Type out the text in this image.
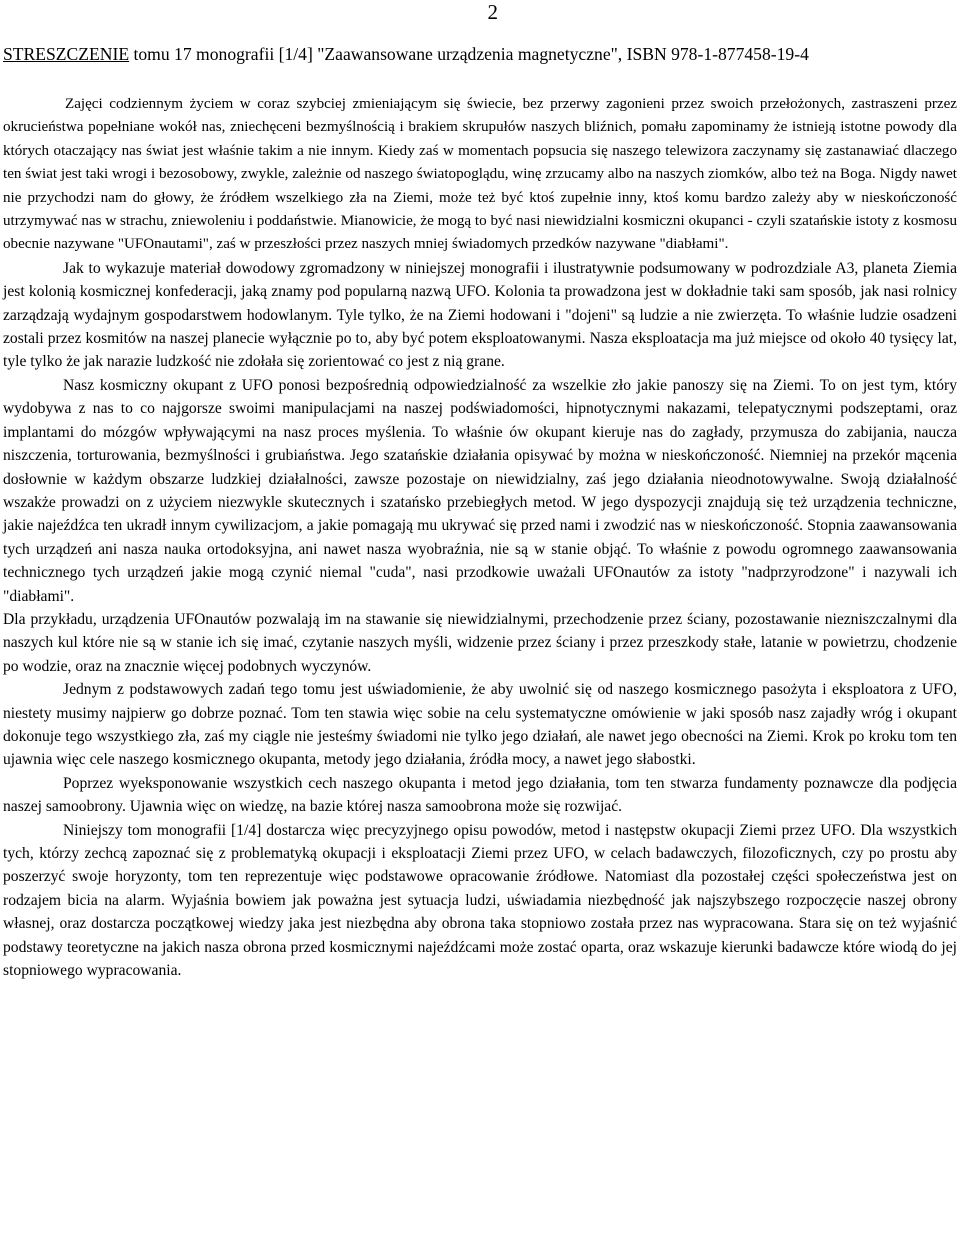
2
STRESZCZENIE tomu 17 monografii [1/4] "Zaawansowane urządzenia magnetyczne", ISBN 978-1-877458-19-4

Zajęci codziennym życiem w coraz szybciej zmieniającym się świecie, bez przerwy zagonieni przez swoich przełożonych, zastraszeni przez okrucieństwa popełniane wokół nas, zniechęceni bezmyślnością i brakiem skrupułów naszych bliźnich, pomału zapominamy że istnieją istotne powody dla których otaczający nas świat jest właśnie takim a nie innym. Kiedy zaś w momentach popsucia się naszego telewizora zaczynamy się zastanawiać dlaczego ten świat jest taki wrogi i bezosobowy, zwykle, zależnie od naszego światopoglądu, winę zrzucamy albo na naszych ziomków, albo też na Boga. Nigdy nawet nie przychodzi nam do głowy, że źródłem wszelkiego zła na Ziemi, może też być ktoś zupełnie inny, ktoś komu bardzo zależy aby w nieskończoność utrzymywać nas w strachu, zniewoleniu i poddaństwie. Mianowicie, że mogą to być nasi niewidzialni kosmiczni okupanci - czyli szatańskie istoty z kosmosu obecnie nazywane "UFOnautami", zaś w przeszłości przez naszych mniej świadomych przedków nazywane "diabłami".

Jak to wykazuje materiał dowodowy zgromadzony w niniejszej monografii i ilustratywnie podsumowany w podrozdziale A3, planeta Ziemia jest kolonią kosmicznej konfederacji, jaką znamy pod popularną nazwą UFO. Kolonia ta prowadzona jest w dokładnie taki sam sposób, jak nasi rolnicy zarządzają wydajnym gospodarstwem hodowlanym. Tyle tylko, że na Ziemi hodowani i "dojeni" są ludzie a nie zwierzęta. To właśnie ludzie osadzeni zostali przez kosmitów na naszej planecie wyłącznie po to, aby być potem eksploatowanymi. Nasza eksploatacja ma już miejsce od około 40 tysięcy lat, tyle tylko że jak narazie ludzkość nie zdołała się zorientować co jest z nią grane.

Nasz kosmiczny okupant z UFO ponosi bezpośrednią odpowiedzialność za wszelkie zło jakie panoszy się na Ziemi. To on jest tym, który wydobywa z nas to co najgorsze swoimi manipulacjami na naszej podświadomości, hipnotycznymi nakazami, telepatycznymi podszeptami, oraz implantami do mózgów wpływającymi na nasz proces myślenia. To właśnie ów okupant kieruje nas do zagłady, przymusza do zabijania, naucza niszczenia, torturowania, bezmyślności i grubiaństwa. Jego szatańskie działania opisywać by można w nieskończoność. Niemniej na przekór mącenia dosłownie w każdym obszarze ludzkiej działalności, zawsze pozostaje on niewidzialny, zaś jego działania nieodnotowywalne. Swoją działalność wszakże prowadzi on z użyciem niezwykle skutecznych i szatańsko przebiegłych metod. W jego dyspozycji znajdują się też urządzenia techniczne, jakie najeźdźca ten ukradł innym cywilizacjom, a jakie pomagają mu ukrywać się przed nami i zwodzić nas w nieskończoność. Stopnia zaawansowania tych urządzeń ani nasza nauka ortodoksyjna, ani nawet nasza wyobraźnia, nie są w stanie objąć. To właśnie z powodu ogromnego zaawansowania technicznego tych urządzeń jakie mogą czynić niemal "cuda", nasi przodkowie uważali UFOnautów za istoty "nadprzyrodzone" i nazywali ich "diabłami".

Dla przykładu, urządzenia UFOnautów pozwalają im na stawanie się niewidzialnymi, przechodzenie przez ściany, pozostawanie niezniszczalnymi dla naszych kul które nie są w stanie ich się imać, czytanie naszych myśli, widzenie przez ściany i przez przeszkody stałe, latanie w powietrzu, chodzenie po wodzie, oraz na znacznie więcej podobnych wyczynów.

Jednym z podstawowych zadań tego tomu jest uświadomienie, że aby uwolnić się od naszego kosmicznego pasożyta i eksploatora z UFO, niestety musimy najpierw go dobrze poznać. Tom ten stawia więc sobie na celu systematyczne omówienie w jaki sposób nasz zajadły wróg i okupant dokonuje tego wszystkiego zła, zaś my ciągle nie jesteśmy świadomi nie tylko jego działań, ale nawet jego obecności na Ziemi. Krok po kroku tom ten ujawnia więc cele naszego kosmicznego okupanta, metody jego działania, źródła mocy, a nawet jego słabostki.

Poprzez wyeksponowanie wszystkich cech naszego okupanta i metod jego działania, tom ten stwarza fundamenty poznawcze dla podjęcia naszej samoobrony. Ujawnia więc on wiedzę, na bazie której nasza samoobrona może się rozwijać.

Niniejszy tom monografii [1/4] dostarcza więc precyzyjnego opisu powodów, metod i następstw okupacji Ziemi przez UFO. Dla wszystkich tych, którzy zechcą zapoznać się z problematyką okupacji i eksploatacji Ziemi przez UFO, w celach badawczych, filozoficznych, czy po prostu aby poszerzyć swoje horyzonty, tom ten reprezentuje więc podstawowe opracowanie źródłowe. Natomiast dla pozostałej części społeczeństwa jest on rodzajem bicia na alarm. Wyjaśnia bowiem jak poważna jest sytuacja ludzi, uświadamia niezbędność jak najszybszego rozpoczęcie naszej obrony własnej, oraz dostarcza początkowej wiedzy jaka jest niezbędna aby obrona taka stopniowo została przez nas wypracowana. Stara się on też wyjaśnić podstawy teoretyczne na jakich nasza obrona przed kosmicznymi najeźdźcami może zostać oparta, oraz wskazuje kierunki badawcze które wiodą do jej stopniowego wypracowania.
